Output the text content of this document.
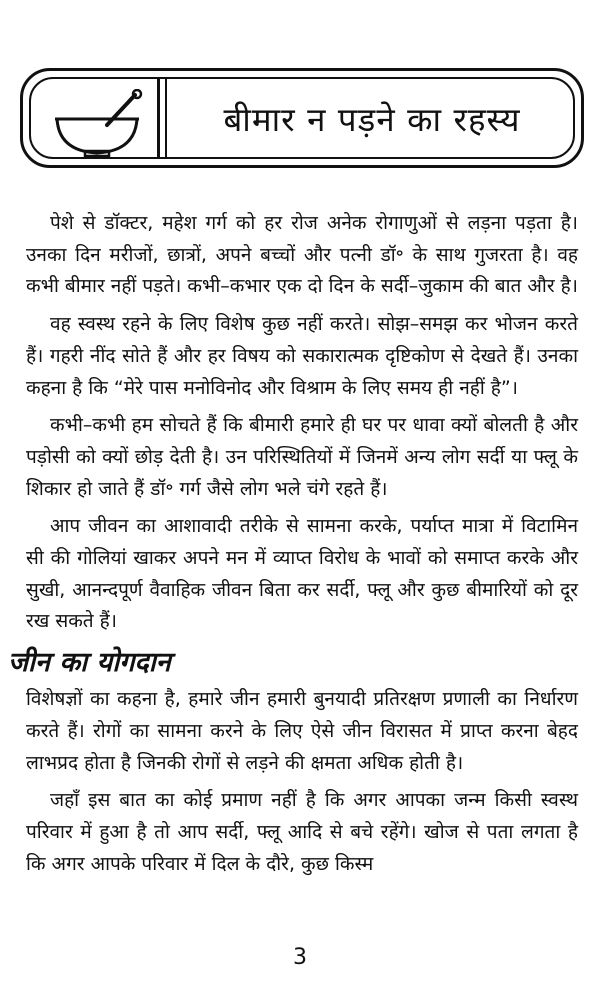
बीमार न पड़ने का रहस्य

पेशे से डॉक्टर, महेश गर्ग को हर रोज अनेक रोगाणुओं से लड़ना पड़ता है। उनका दिन मरीजों, छात्रों, अपने बच्चों और पत्नी डॉ॰ के साथ गुजरता है। वह कभी बीमार नहीं पड़ते। कभी–कभार एक दो दिन के सर्दी–जुकाम की बात और है।

वह स्वस्थ रहने के लिए विशेष कुछ नहीं करते। सोझ–समझ कर भोजन करते हैं। गहरी नींद सोते हैं और हर विषय को सकारात्मक दृष्टिकोण से देखते हैं। उनका कहना है कि “मेरे पास मनोविनोद और विश्राम के लिए समय ही नहीं है”।

कभी–कभी हम सोचते हैं कि बीमारी हमारे ही घर पर धावा क्यों बोलती है और पड़ोसी को क्यों छोड़ देती है। उन परिस्थितियों में जिनमें अन्य लोग सर्दी या फ्लू के शिकार हो जाते हैं डॉ॰ गर्ग जैसे लोग भले चंगे रहते हैं।

आप जीवन का आशावादी तरीके से सामना करके, पर्याप्त मात्रा में विटामिन सी की गोलियां खाकर अपने मन में व्याप्त विरोध के भावों को समाप्त करके और सुखी, आनन्दपूर्ण वैवाहिक जीवन बिता कर सर्दी, फ्लू और कुछ बीमारियों को दूर रख सकते हैं।

जीन का योगदान

विशेषज्ञों का कहना है, हमारे जीन हमारी बुनयादी प्रतिरक्षण प्रणाली का निर्धारण करते हैं। रोगों का सामना करने के लिए ऐसे जीन विरासत में प्राप्त करना बेहद लाभप्रद होता है जिनकी रोगों से लड़ने की क्षमता अधिक होती है।

जहाँ इस बात का कोई प्रमाण नहीं है कि अगर आपका जन्म किसी स्वस्थ परिवार में हुआ है तो आप सर्दी, फ्लू आदि से बचे रहेंगे। खोज से पता लगता है कि अगर आपके परिवार में दिल के दौरे, कुछ किस्म

3
